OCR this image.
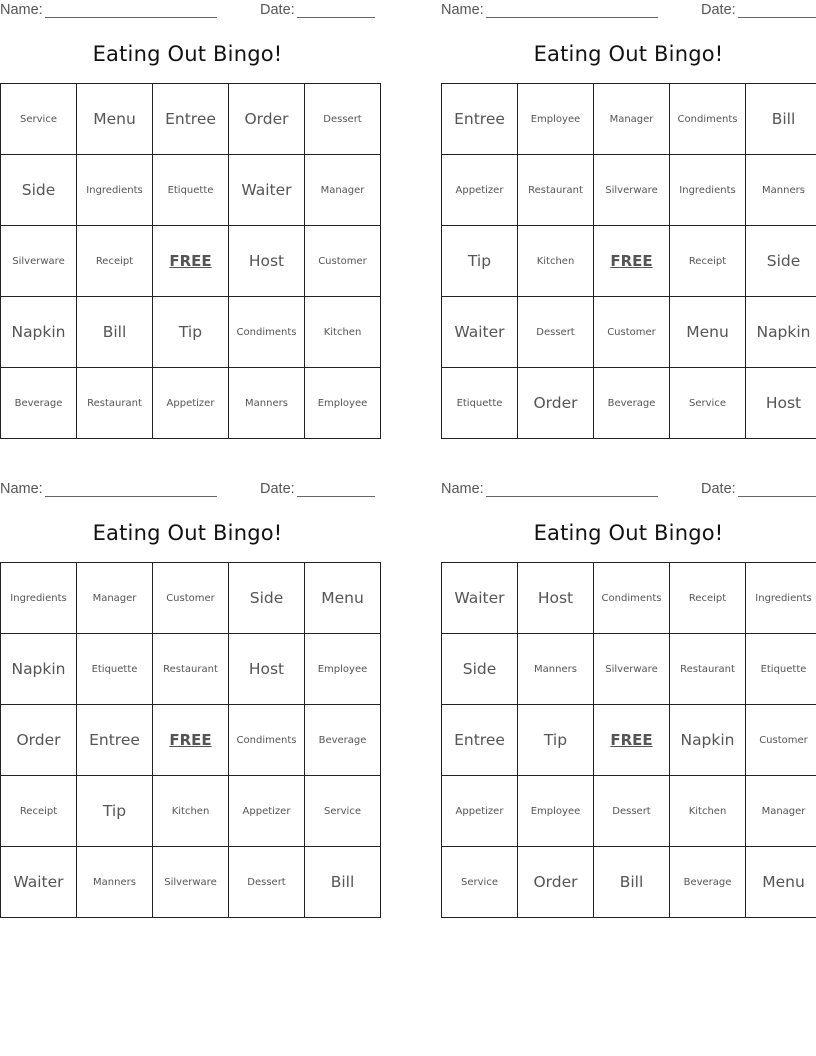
Name:	Date:
Eating Out Bingo!
Service	Menu	Entree	Order	Dessert
Side	Ingredients	Etiquette	Waiter	Manager
Silverware	Receipt	FREE	Host	Customer
Napkin	Bill	Tip	Condiments	Kitchen
Beverage	Restaurant	Appetizer	Manners	Employee
Name:	Date:
Eating Out Bingo!
Entree	Employee	Manager	Condiments	Bill
Appetizer	Restaurant	Silverware	Ingredients	Manners
Tip	Kitchen	FREE	Receipt	Side
Waiter	Dessert	Customer	Menu	Napkin
Etiquette	Order	Beverage	Service	Host
Name:	Date:
Eating Out Bingo!
Ingredients	Manager	Customer	Side	Menu
Napkin	Etiquette	Restaurant	Host	Employee
Order	Entree	FREE	Condiments	Beverage
Receipt	Tip	Kitchen	Appetizer	Service
Waiter	Manners	Silverware	Dessert	Bill
Name:	Date:
Eating Out Bingo!
Waiter	Host	Condiments	Receipt	Ingredients
Side	Manners	Silverware	Restaurant	Etiquette
Entree	Tip	FREE	Napkin	Customer
Appetizer	Employee	Dessert	Kitchen	Manager
Service	Order	Bill	Beverage	Menu
